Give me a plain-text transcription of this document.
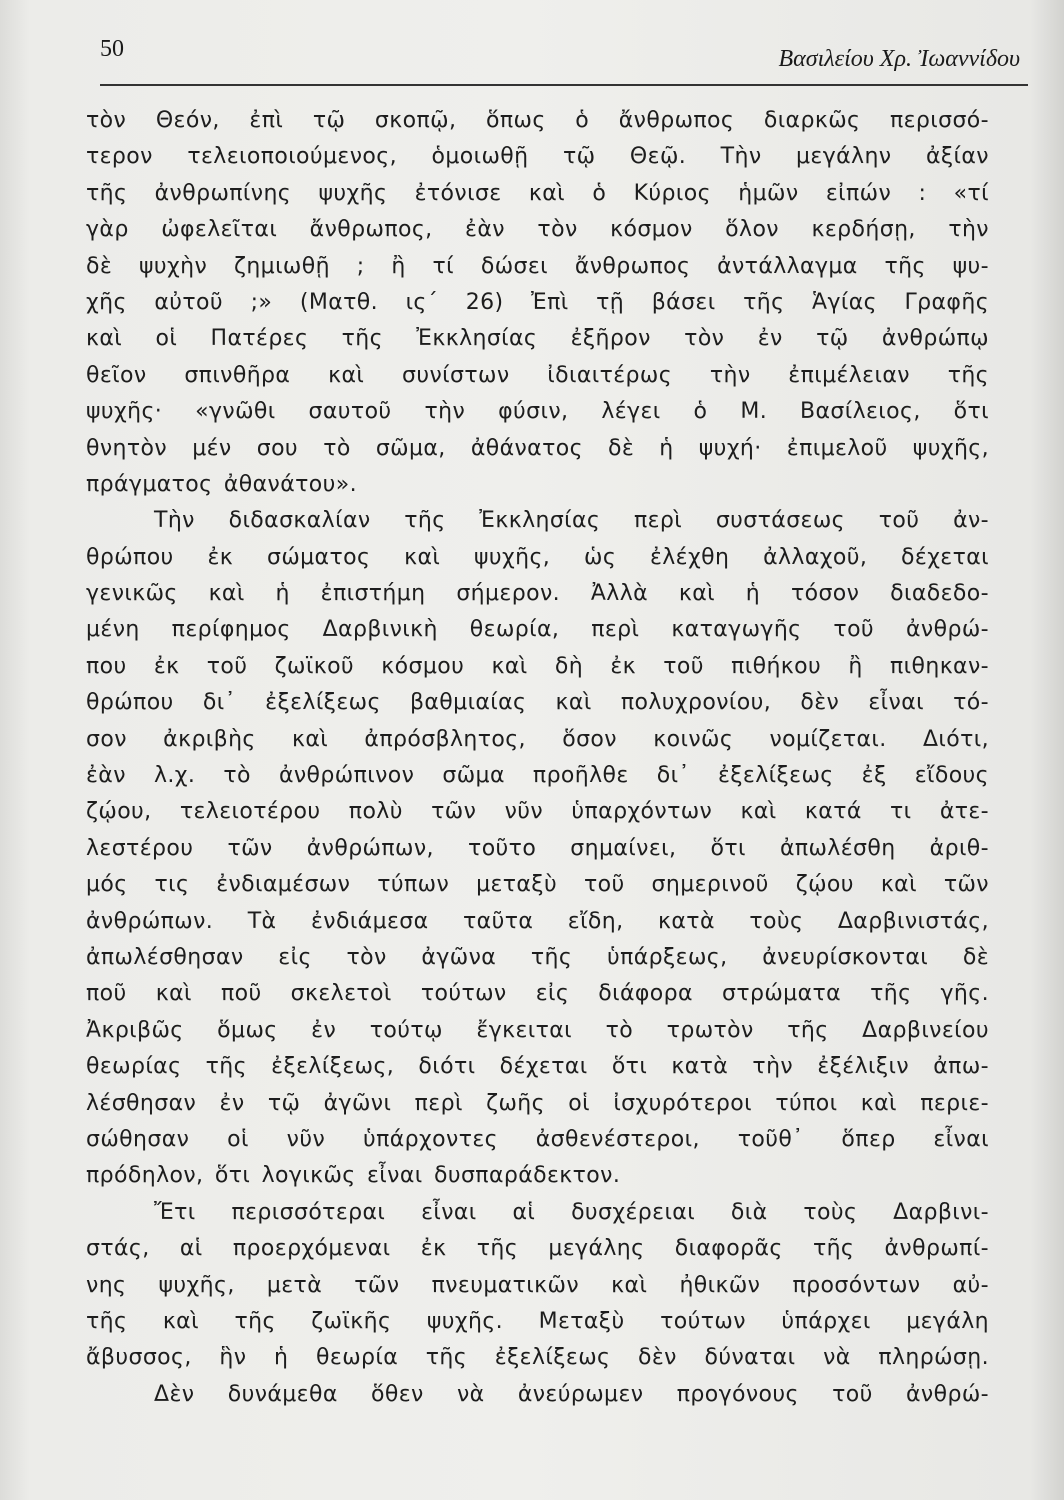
50	Βασιλείου Χρ. Ἰωαννίδου
τὸν Θεόν, ἐπὶ τῷ σκοπῷ, ὅπως ὁ ἄνθρωπος διαρκῶς περισσό-
τερον τελειοποιούμενος, ὁμοιωθῇ τῷ Θεῷ. Τὴν μεγάλην ἀξίαν
τῆς ἀνθρωπίνης ψυχῆς ἐτόνισε καὶ ὁ Κύριος ἡμῶν εἰπών : «τί
γὰρ ὠφελεῖται ἄνθρωπος, ἐὰν τὸν κόσμον ὅλον κερδήσῃ, τὴν
δὲ ψυχὴν ζημιωθῇ ; ἢ τί δώσει ἄνθρωπος ἀντάλλαγμα τῆς ψυ-
χῆς αὐτοῦ ;» (Ματθ. ις΄ 26) Ἐπὶ τῇ βάσει τῆς Ἁγίας Γραφῆς
καὶ οἱ Πατέρες τῆς Ἐκκλησίας ἐξῆρον τὸν ἐν τῷ ἀνθρώπῳ
θεῖον σπινθῆρα καὶ συνίστων ἰδιαιτέρως τὴν ἐπιμέλειαν τῆς
ψυχῆς· «γνῶθι σαυτοῦ τὴν φύσιν, λέγει ὁ Μ. Βασίλειος, ὅτι
θνητὸν μέν σου τὸ σῶμα, ἀθάνατος δὲ ἡ ψυχή· ἐπιμελοῦ ψυχῆς,
πράγματος ἀθανάτου».
Τὴν διδασκαλίαν τῆς Ἐκκλησίας περὶ συστάσεως τοῦ ἀν-
θρώπου ἐκ σώματος καὶ ψυχῆς, ὡς ἐλέχθη ἀλλαχοῦ, δέχεται
γενικῶς καὶ ἡ ἐπιστήμη σήμερον. Ἀλλὰ καὶ ἡ τόσον διαδεδο-
μένη περίφημος Δαρβινικὴ θεωρία, περὶ καταγωγῆς τοῦ ἀνθρώ-
που ἐκ τοῦ ζωϊκοῦ κόσμου καὶ δὴ ἐκ τοῦ πιθήκου ἢ πιθηκαν-
θρώπου δι᾽ ἐξελίξεως βαθμιαίας καὶ πολυχρονίου, δὲν εἶναι τό-
σον ἀκριβὴς καὶ ἀπρόσβλητος, ὅσον κοινῶς νομίζεται. Διότι,
ἐὰν λ.χ. τὸ ἀνθρώπινον σῶμα προῆλθε δι᾽ ἐξελίξεως ἐξ εἴδους
ζῴου, τελειοτέρου πολὺ τῶν νῦν ὑπαρχόντων καὶ κατά τι ἀτε-
λεστέρου τῶν ἀνθρώπων, τοῦτο σημαίνει, ὅτι ἀπωλέσθη ἀριθ-
μός τις ἐνδιαμέσων τύπων μεταξὺ τοῦ σημερινοῦ ζῴου καὶ τῶν
ἀνθρώπων. Τὰ ἐνδιάμεσα ταῦτα εἴδη, κατὰ τοὺς Δαρβινιστάς,
ἀπωλέσθησαν εἰς τὸν ἀγῶνα τῆς ὑπάρξεως, ἀνευρίσκονται δὲ
ποῦ καὶ ποῦ σκελετοὶ τούτων εἰς διάφορα στρώματα τῆς γῆς.
Ἀκριβῶς ὅμως ἐν τούτῳ ἔγκειται τὸ τρωτὸν τῆς Δαρβινείου
θεωρίας τῆς ἐξελίξεως, διότι δέχεται ὅτι κατὰ τὴν ἐξέλιξιν ἀπω-
λέσθησαν ἐν τῷ ἀγῶνι περὶ ζωῆς οἱ ἰσχυρότεροι τύποι καὶ περιε-
σώθησαν οἱ νῦν ὑπάρχοντες ἀσθενέστεροι, τοῦθ᾽ ὅπερ εἶναι
πρόδηλον, ὅτι λογικῶς εἶναι δυσπαράδεκτον.
Ἔτι περισσότεραι εἶναι αἱ δυσχέρειαι διὰ τοὺς Δαρβινι-
στάς, αἱ προερχόμεναι ἐκ τῆς μεγάλης διαφορᾶς τῆς ἀνθρωπί-
νης ψυχῆς, μετὰ τῶν πνευματικῶν καὶ ἠθικῶν προσόντων αὐ-
τῆς καὶ τῆς ζωϊκῆς ψυχῆς. Μεταξὺ τούτων ὑπάρχει μεγάλη
ἄβυσσος, ἣν ἡ θεωρία τῆς ἐξελίξεως δὲν δύναται νὰ πληρώσῃ.
Δὲν δυνάμεθα ὅθεν νὰ ἀνεύρωμεν προγόνους τοῦ ἀνθρώ-
